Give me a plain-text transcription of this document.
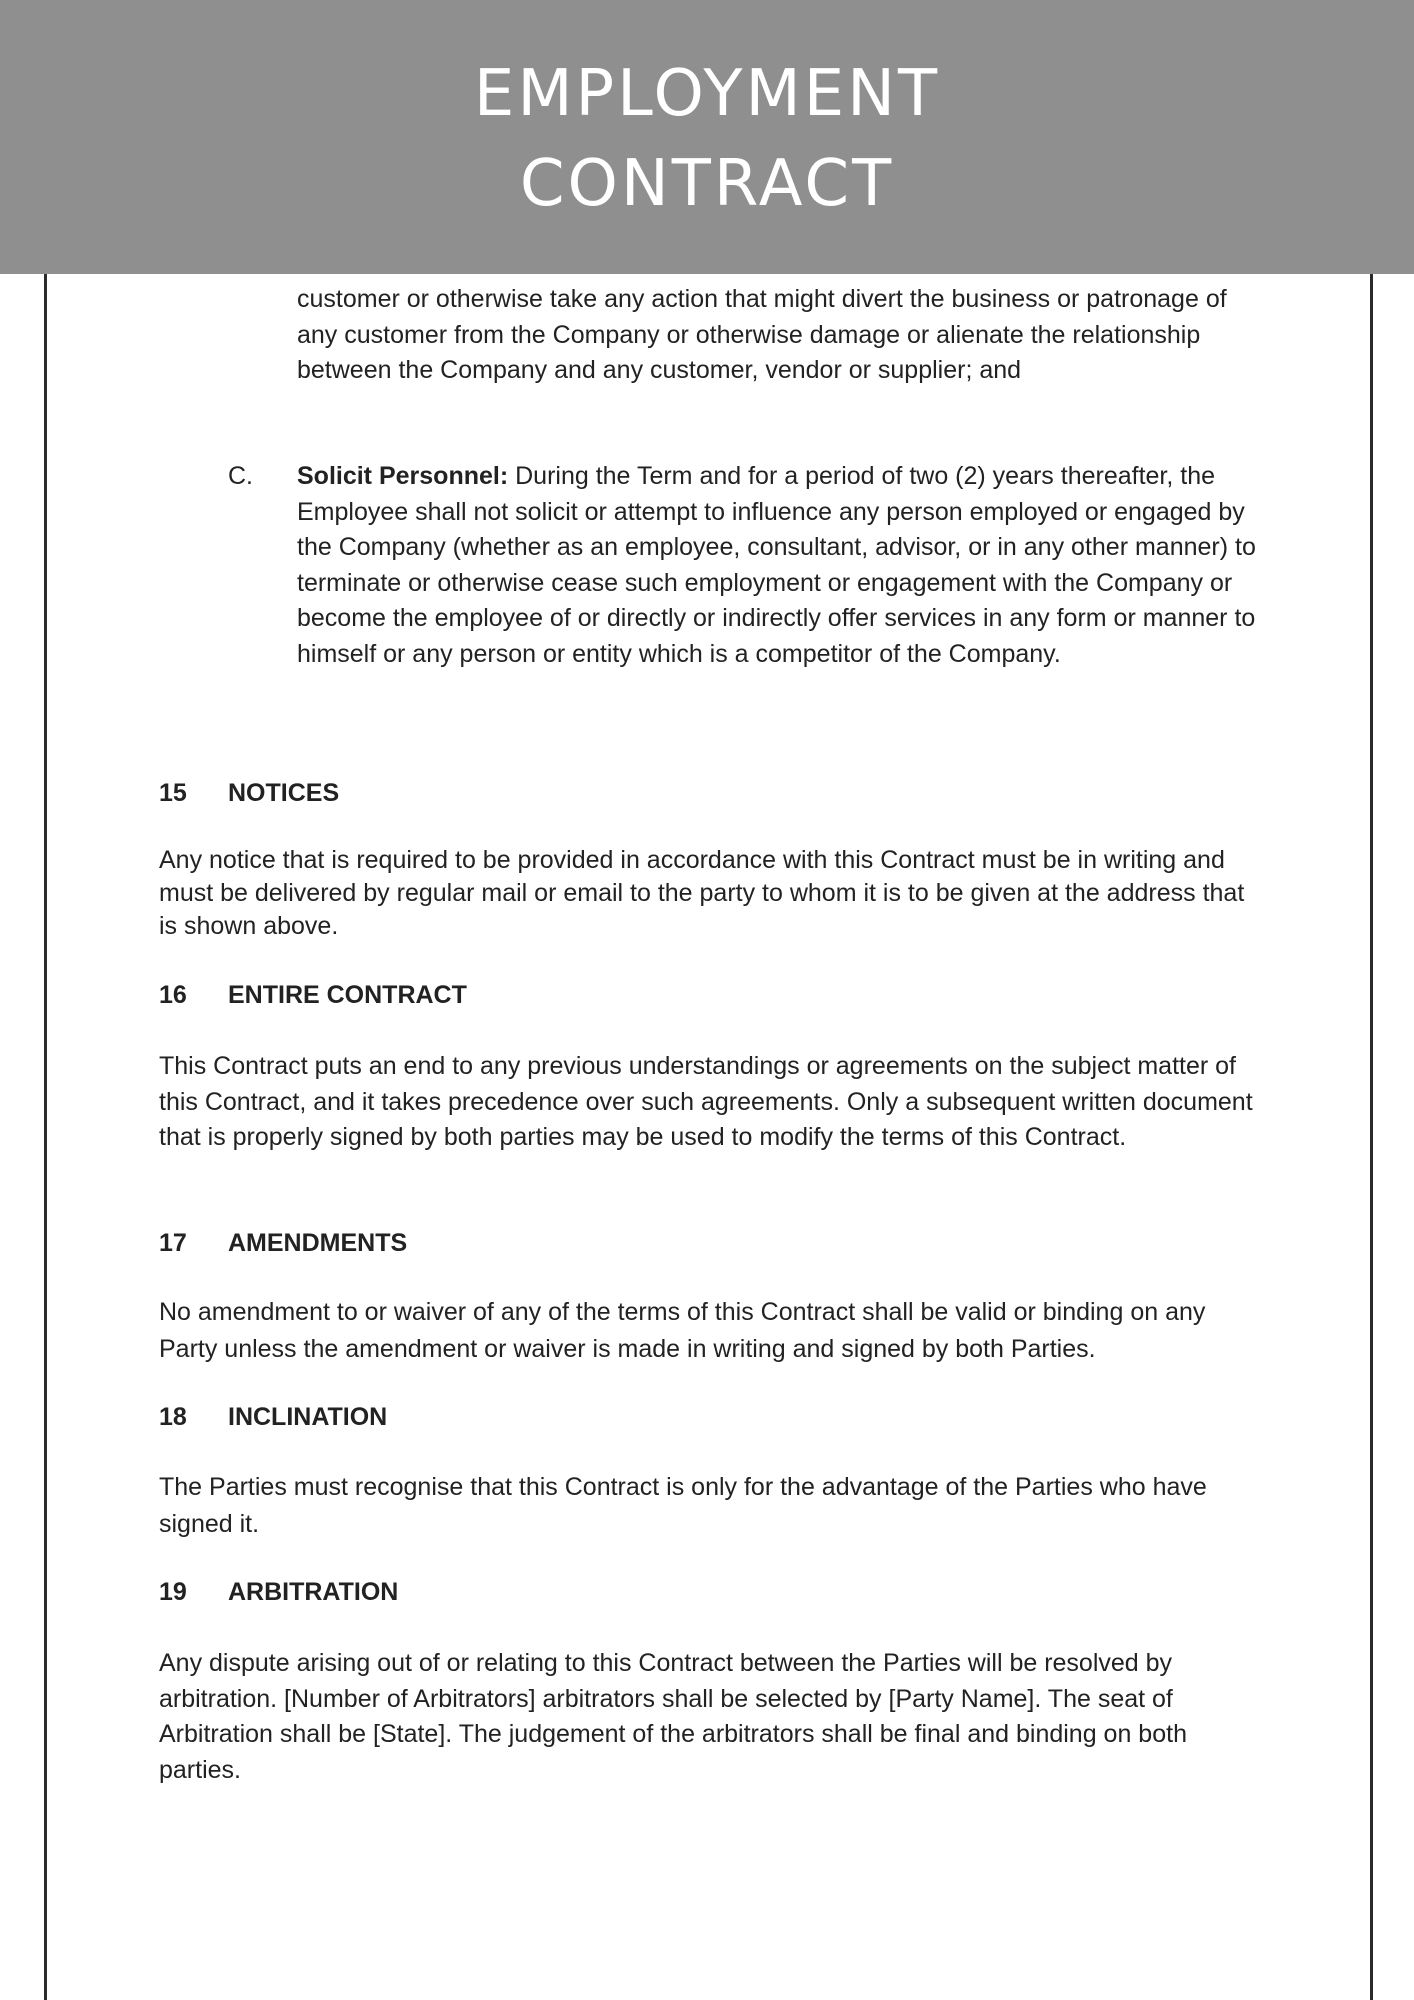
EMPLOYMENT
CONTRACT

customer or otherwise take any action that might divert the business or patronage of any customer from the Company or otherwise damage or alienate the relationship between the Company and any customer, vendor or supplier; and

C. Solicit Personnel: During the Term and for a period of two (2) years thereafter, the Employee shall not solicit or attempt to influence any person employed or engaged by the Company (whether as an employee, consultant, advisor, or in any other manner) to terminate or otherwise cease such employment or engagement with the Company or become the employee of or directly or indirectly offer services in any form or manner to himself or any person or entity which is a competitor of the Company.

15	NOTICES

Any notice that is required to be provided in accordance with this Contract must be in writing and must be delivered by regular mail or email to the party to whom it is to be given at the address that is shown above.

16	ENTIRE CONTRACT

This Contract puts an end to any previous understandings or agreements on the subject matter of this Contract, and it takes precedence over such agreements. Only a subsequent written document that is properly signed by both parties may be used to modify the terms of this Contract.

17	AMENDMENTS

No amendment to or waiver of any of the terms of this Contract shall be valid or binding on any Party unless the amendment or waiver is made in writing and signed by both Parties.

18	INCLINATION

The Parties must recognise that this Contract is only for the advantage of the Parties who have signed it.

19	ARBITRATION

Any dispute arising out of or relating to this Contract between the Parties will be resolved by arbitration. [Number of Arbitrators] arbitrators shall be selected by [Party Name]. The seat of Arbitration shall be [State]. The judgement of the arbitrators shall be final and binding on both parties.
